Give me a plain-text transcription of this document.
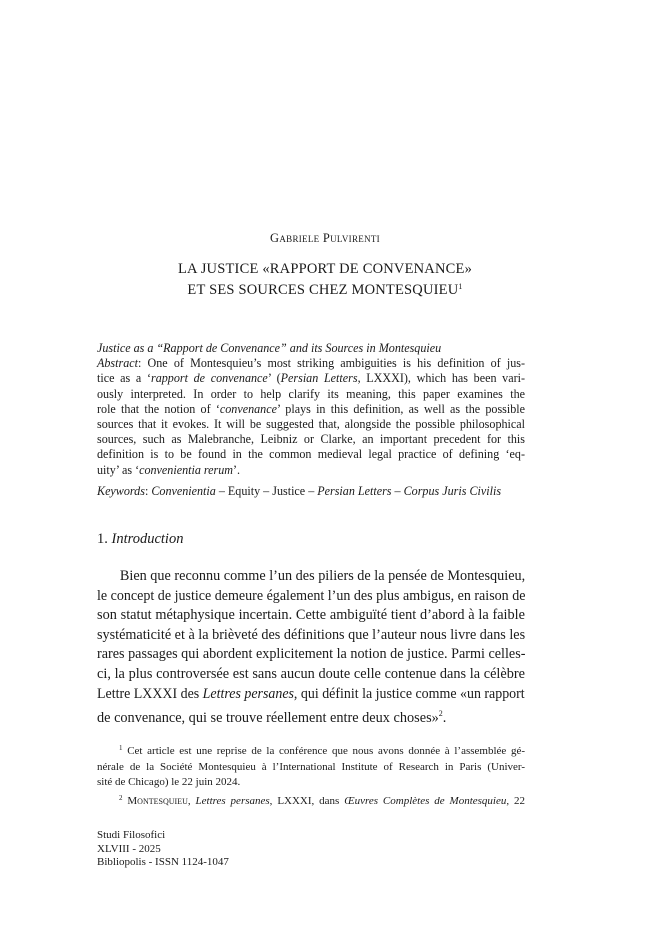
Gabriele Pulvirenti
LA JUSTICE «RAPPORT DE CONVENANCE»
ET SES SOURCES CHEZ MONTESQUIEU$^1$
Justice as a “Rapport de Convenance” and its Sources in Montesquieu
Abstract: One of Montesquieu’s most striking ambiguities is his definition of jus-
tice as a ‘rapport de convenance’ (Persian Letters, LXXXI), which has been vari-
ously interpreted. In order to help clarify its meaning, this paper examines the
role that the notion of ‘convenance’ plays in this definition, as well as the possible
sources that it evokes. It will be suggested that, alongside the possible philosophical
sources, such as Malebranche, Leibniz or Clarke, an important precedent for this
definition is to be found in the common medieval legal practice of defining ‘eq-
uity’ as ‘convenientia rerum’.
Keywords: Convenientia – Equity – Justice – Persian Letters – Corpus Juris Civilis
1. Introduction
Bien que reconnu comme l’un des piliers de la pensée de Montesquieu,
le concept de justice demeure également l’un des plus ambigus, en raison de
son statut métaphysique incertain. Cette ambiguïté tient d’abord à la faible
systématicité et à la brièveté des définitions que l’auteur nous livre dans les
rares passages qui abordent explicitement la notion de justice. Parmi celles-
ci, la plus controversée est sans aucun doute celle contenue dans la célèbre
Lettre LXXXI des Lettres persanes, qui définit la justice comme «un rapport
de convenance, qui se trouve réellement entre deux choses»$^2$.
$^1$ Cet article est une reprise de la conférence que nous avons donnée à l’assemblée gé-
nérale de la Société Montesquieu à l’International Institute of Research in Paris (Univer-
sité de Chicago) le 22 juin 2024.
$^2$ Montesquieu, Lettres persanes, LXXXI, dans Œuvres Complètes de Montesquieu, 22
Studi Filosofici
XLVIII - 2025
Bibliopolis - ISSN 1124-1047
